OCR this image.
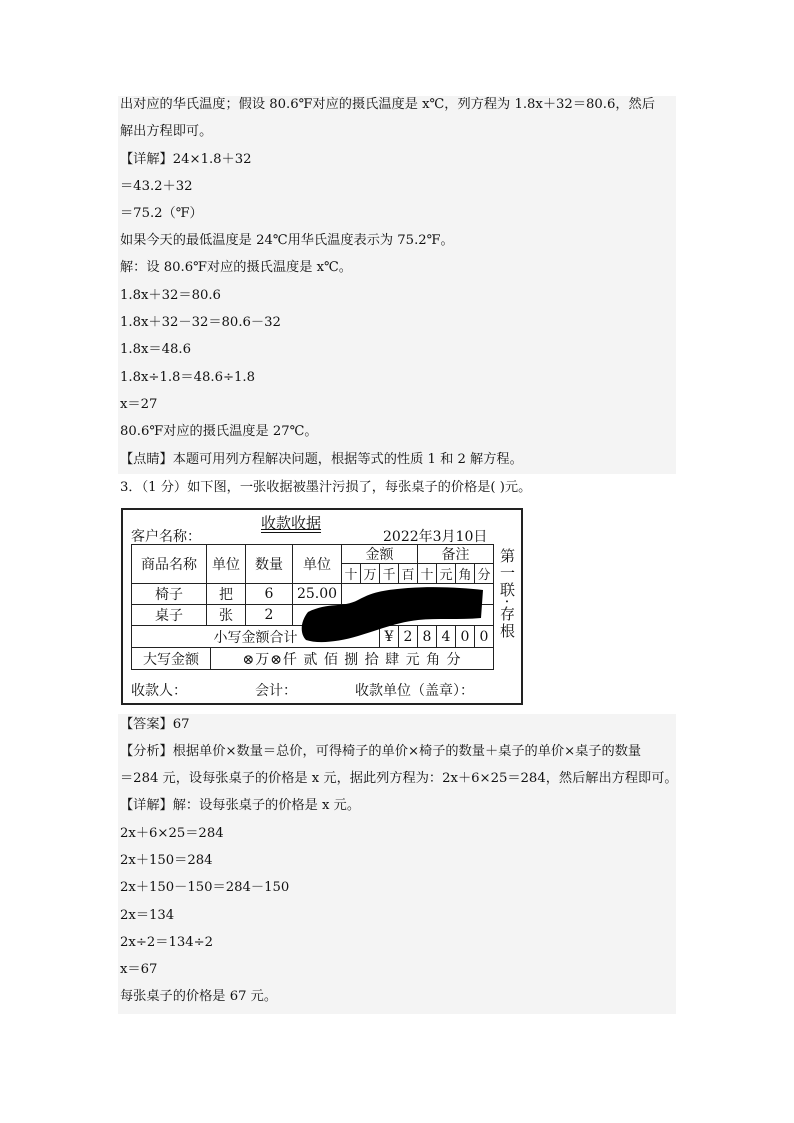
出对应的华氏温度；假设 80.6℉对应的摄氏温度是 x℃，列方程为 1.8x＋32＝80.6，然后
解出方程即可。
【详解】24×1.8＋32
＝43.2＋32
＝75.2（℉）
如果今天的最低温度是 24℃用华氏温度表示为 75.2℉。
解：设 80.6℉对应的摄氏温度是 x℃。
1.8x＋32＝80.6
1.8x＋32－32＝80.6－32
1.8x＝48.6
1.8x÷1.8＝48.6÷1.8
x＝27
80.6℉对应的摄氏温度是 27℃。
【点睛】本题可用列方程解决问题，根据等式的性质 1 和 2 解方程。
3．（1 分）如下图，一张收据被墨汁污损了，每张桌子的价格是( )元。
收款收据
客户名称：	2022年3月10日
商品名称	单位	数量	单位
金额	备注
十 万 千 百 十 元 角 分
椅子	把	6	25.00
桌子	张	2
小写金额合计	¥ 2 8 4 0 0
大写金额	⊗万⊗仟 贰 佰 捌 拾 肆 元 角 分
第一联·存根
收款人：	会计：	收款单位（盖章）：
【答案】67
【分析】根据单价×数量＝总价，可得椅子的单价×椅子的数量＋桌子的单价×桌子的数量
＝284 元，设每张桌子的价格是 x 元，据此列方程为：2x＋6×25＝284，然后解出方程即可。
【详解】解：设每张桌子的价格是 x 元。
2x＋6×25＝284
2x＋150＝284
2x＋150－150＝284－150
2x＝134
2x÷2＝134÷2
x＝67
每张桌子的价格是 67 元。
